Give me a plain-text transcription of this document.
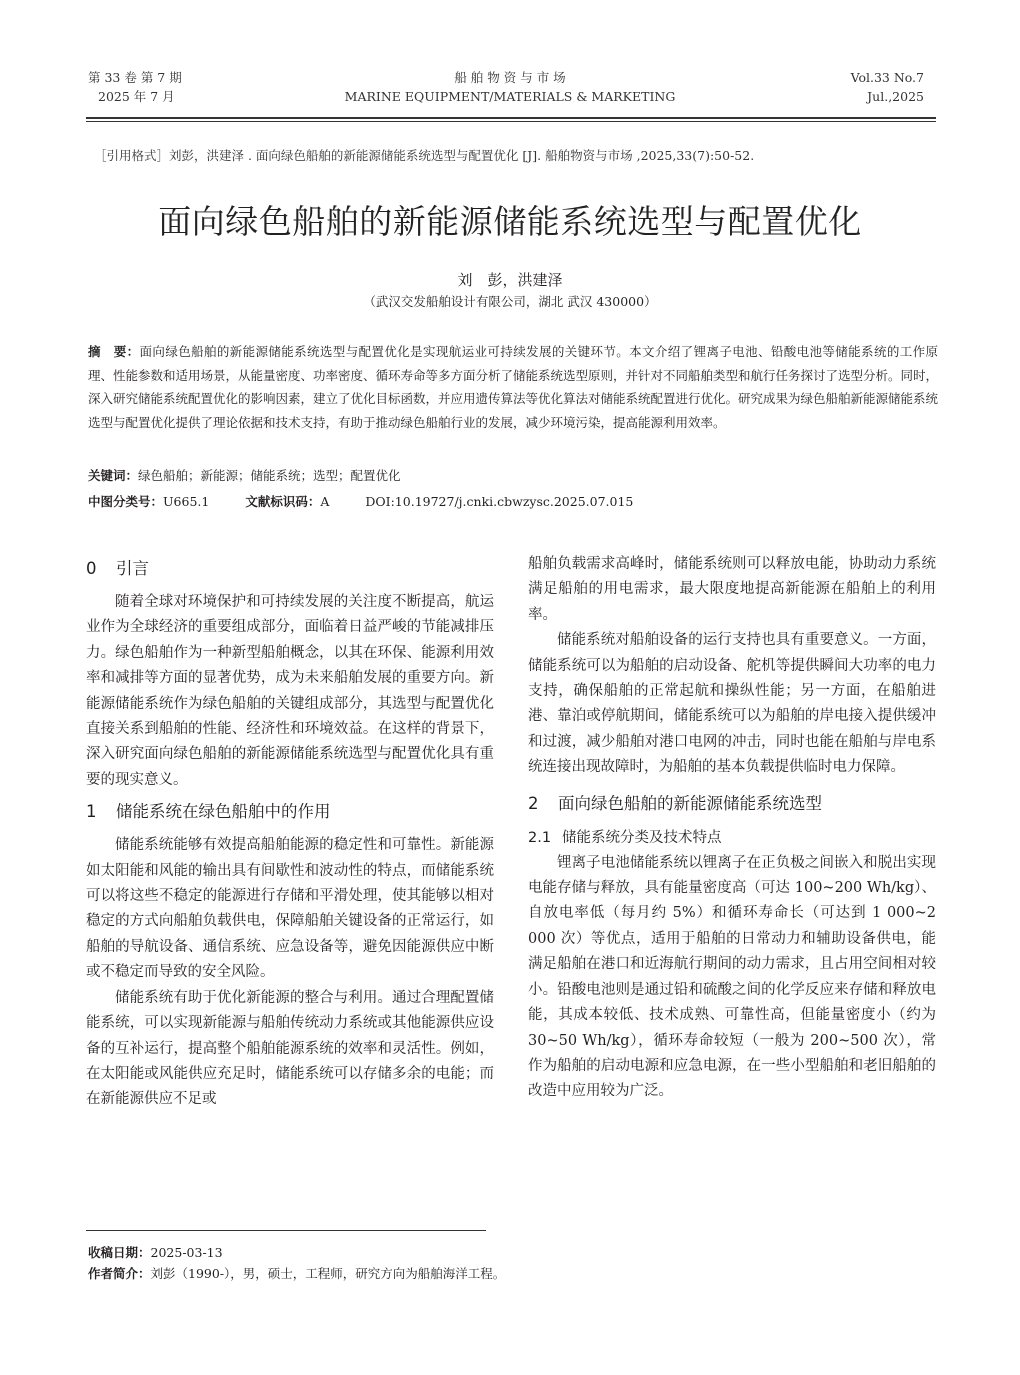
第 33 卷 第 7 期
2025 年 7 月
船 舶 物 资 与 市 场
MARINE EQUIPMENT/MATERIALS & MARKETING
Vol.33 No.7
Jul.,2025
［引用格式］刘彭，洪建泽 . 面向绿色船舶的新能源储能系统选型与配置优化 [J]. 船舶物资与市场 ,2025,33(7):50-52.
面向绿色船舶的新能源储能系统选型与配置优化
刘　彭，洪建泽
（武汉交发船舶设计有限公司，湖北 武汉 430000）
摘　要：面向绿色船舶的新能源储能系统选型与配置优化是实现航运业可持续发展的关键环节。本文介绍了锂离子电池、铅酸电池等储能系统的工作原理、性能参数和适用场景，从能量密度、功率密度、循环寿命等多方面分析了储能系统选型原则，并针对不同船舶类型和航行任务探讨了选型分析。同时，深入研究储能系统配置优化的影响因素，建立了优化目标函数，并应用遗传算法等优化算法对储能系统配置进行优化。研究成果为绿色船舶新能源储能系统选型与配置优化提供了理论依据和技术支持，有助于推动绿色船舶行业的发展，减少环境污染，提高能源利用效率。
关键词：绿色船舶；新能源；储能系统；选型；配置优化
中图分类号：U665.1	文献标识码：A	DOI:10.19727/j.cnki.cbwzysc.2025.07.015
0 引言

随着全球对环境保护和可持续发展的关注度不断提高，航运业作为全球经济的重要组成部分，面临着日益严峻的节能减排压力。绿色船舶作为一种新型船舶概念，以其在环保、能源利用效率和减排等方面的显著优势，成为未来船舶发展的重要方向。新能源储能系统作为绿色船舶的关键组成部分，其选型与配置优化直接关系到船舶的性能、经济性和环境效益。在这样的背景下，深入研究面向绿色船舶的新能源储能系统选型与配置优化具有重要的现实意义。

1 储能系统在绿色船舶中的作用

储能系统能够有效提高船舶能源的稳定性和可靠性。新能源如太阳能和风能的输出具有间歇性和波动性的特点，而储能系统可以将这些不稳定的能源进行存储和平滑处理，使其能够以相对稳定的方式向船舶负载供电，保障船舶关键设备的正常运行，如船舶的导航设备、通信系统、应急设备等，避免因能源供应中断或不稳定而导致的安全风险。

储能系统有助于优化新能源的整合与利用。通过合理配置储能系统，可以实现新能源与船舶传统动力系统或其他能源供应设备的互补运行，提高整个船舶能源系统的效率和灵活性。例如，在太阳能或风能供应充足时，储能系统可以存储多余的电能；而在新能源供应不足或

船舶负载需求高峰时，储能系统则可以释放电能，协助动力系统满足船舶的用电需求，最大限度地提高新能源在船舶上的利用率。

储能系统对船舶设备的运行支持也具有重要意义。一方面，储能系统可以为船舶的启动设备、舵机等提供瞬间大功率的电力支持，确保船舶的正常起航和操纵性能；另一方面，在船舶进港、靠泊或停航期间，储能系统可以为船舶的岸电接入提供缓冲和过渡，减少船舶对港口电网的冲击，同时也能在船舶与岸电系统连接出现故障时，为船舶的基本负载提供临时电力保障。

2 面向绿色船舶的新能源储能系统选型
2.1 储能系统分类及技术特点

锂离子电池储能系统以锂离子在正负极之间嵌入和脱出实现电能存储与释放，具有能量密度高（可达 100~200 Wh/kg）、自放电率低（每月约 5%）和循环寿命长（可达到 1 000~2 000 次）等优点，适用于船舶的日常动力和辅助设备供电，能满足船舶在港口和近海航行期间的动力需求，且占用空间相对较小。铅酸电池则是通过铅和硫酸之间的化学反应来存储和释放电能，其成本较低、技术成熟、可靠性高，但能量密度小（约为 30~50 Wh/kg），循环寿命较短（一般为 200~500 次），常作为船舶的启动电源和应急电源，在一些小型船舶和老旧船舶的改造中应用较为广泛。

收稿日期：2025-03-13
作者简介：刘彭（1990-），男，硕士，工程师，研究方向为船舶海洋工程。
